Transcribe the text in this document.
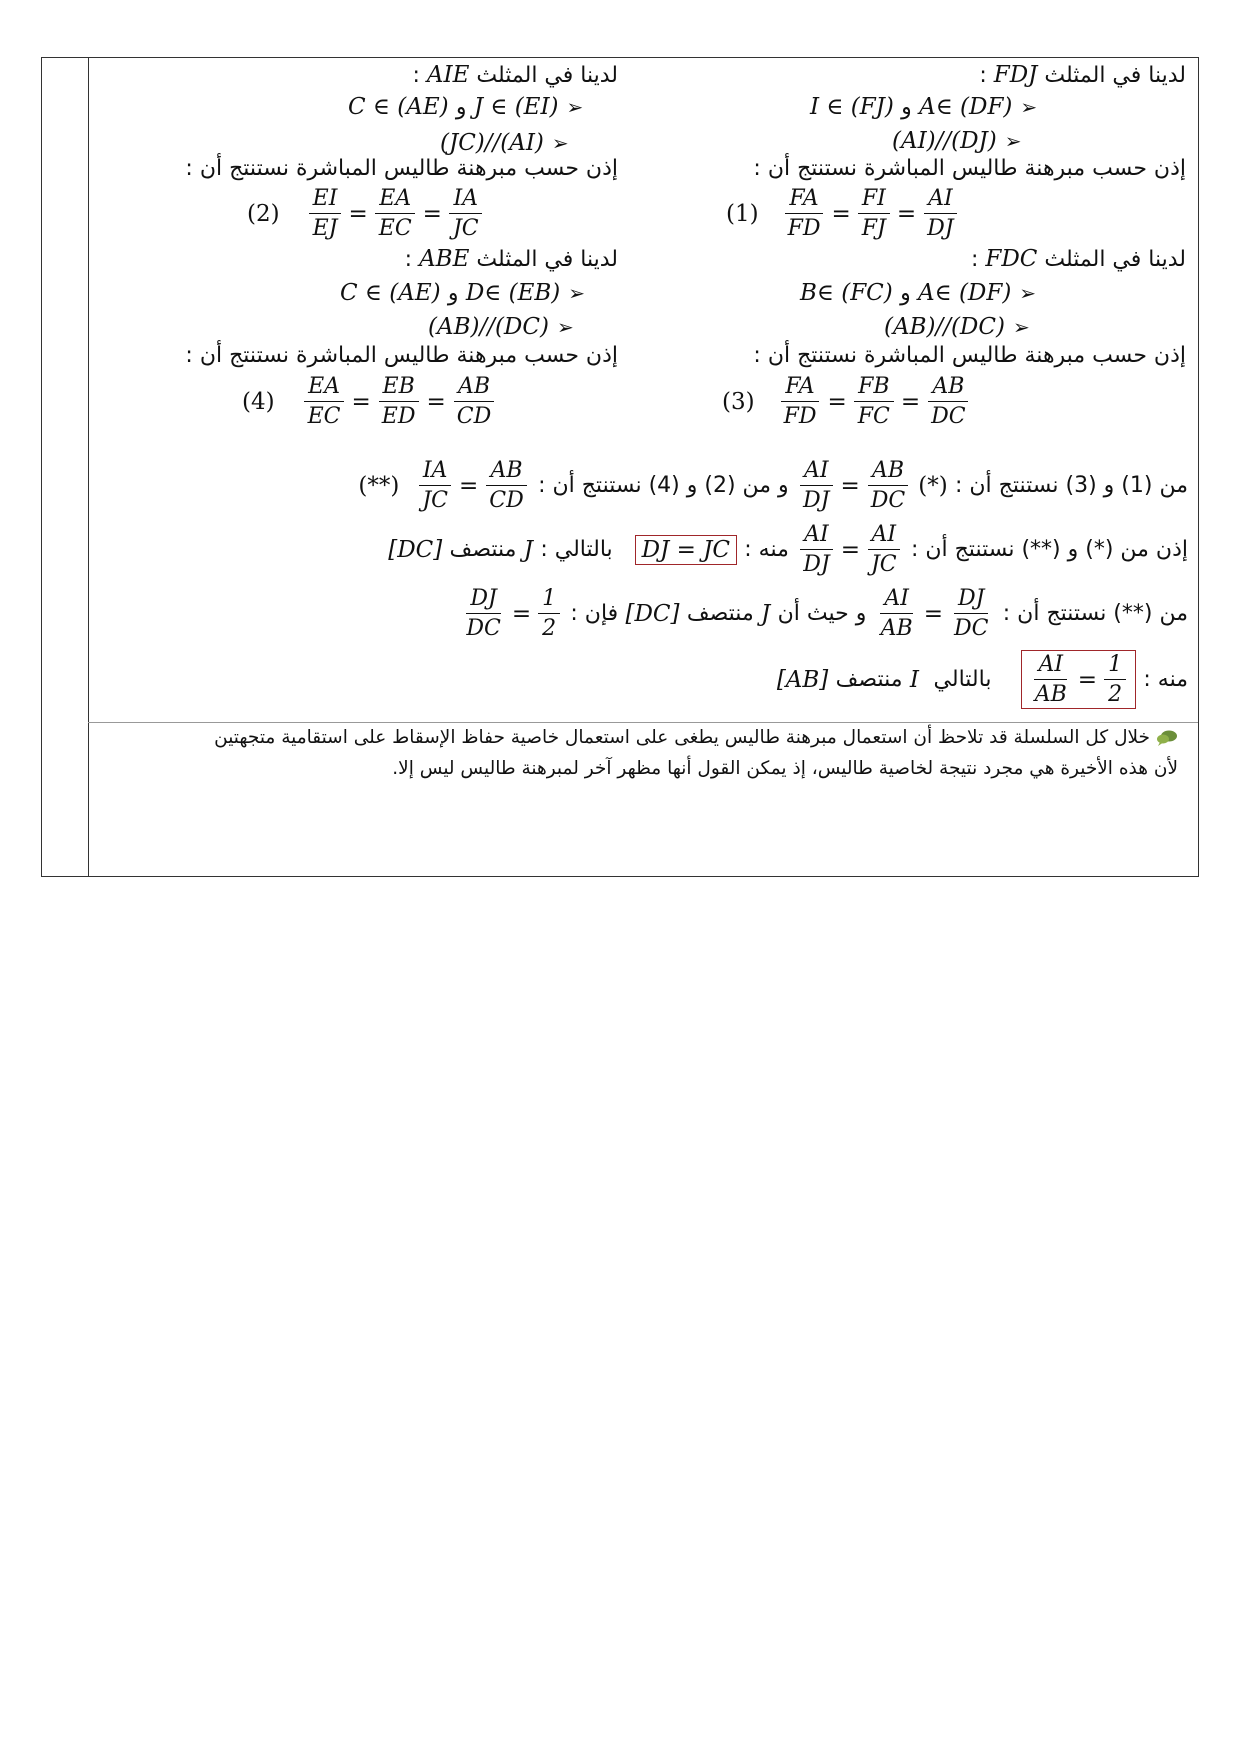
لدينا في المثلث FDJ :
I ∈ (FJ)
و
A∈ (DF) ➢
(AI)//(DJ) ➢
إذن حسب مبرهنة طاليس المباشرة نستنتج أن :
$(1) \frac{FA}{FD} = \frac{FI}{FJ} = \frac{AI}{DJ}$
لدينا في المثلث FDC :
B∈ (FC)
و
A∈ (DF) ➢
(AB)//(DC) ➢
إذن حسب مبرهنة طاليس المباشرة نستنتج أن :
$(3) \frac{FA}{FD} = \frac{FB}{FC} = \frac{AB}{DC}$
لدينا في المثلث AIE :
C ∈ (AE)
و
J ∈ (EI) ➢
(JC)//(AI) ➢
إذن حسب مبرهنة طاليس المباشرة نستنتج أن :
$(2) \frac{EI}{EJ} = \frac{EA}{EC} = \frac{IA}{JC}$
لدينا في المثلث ABE :
C ∈ (AE)
و
D∈ (EB) ➢
(AB)//(DC) ➢
إذن حسب مبرهنة طاليس المباشرة نستنتج أن :
$(4) \frac{EA}{EC} = \frac{EB}{ED} = \frac{AB}{CD}$
من (1) و (3) نستنتج أن :

$\frac{AI}{DJ} = \frac{AB}{DC}$ (*)

و من (2) و (4) نستنتج أن :

(**) $\frac{IA}{JC} = \frac{AB}{CD}$
إذن من (*) و (**) نستنتج أن :

$\frac{AI}{DJ} = \frac{AI}{JC}$

منه :

DJ = JC

بالتالي :

J

منتصف

[DC]
من (**) نستنتج أن :

$\frac{AI}{AB} = \frac{DJ}{DC}$

و حيث أن

J

منتصف

[DC]

فإن :

$\frac{DJ}{DC} = \frac{1}{2}$
منه :

$\frac{AI}{AB} = \frac{1}{2}$

بالتالي

I

منتصف

[AB]
خلال كل السلسلة قد تلاحظ أن استعمال مبرهنة طاليس يطغى على استعمال خاصية حفاظ الإسقاط على استقامية متجهتين
لأن هذه الأخيرة هي مجرد نتيجة لخاصية طاليس، إذ يمكن القول أنها مظهر آخر لمبرهنة طاليس ليس إلا.
